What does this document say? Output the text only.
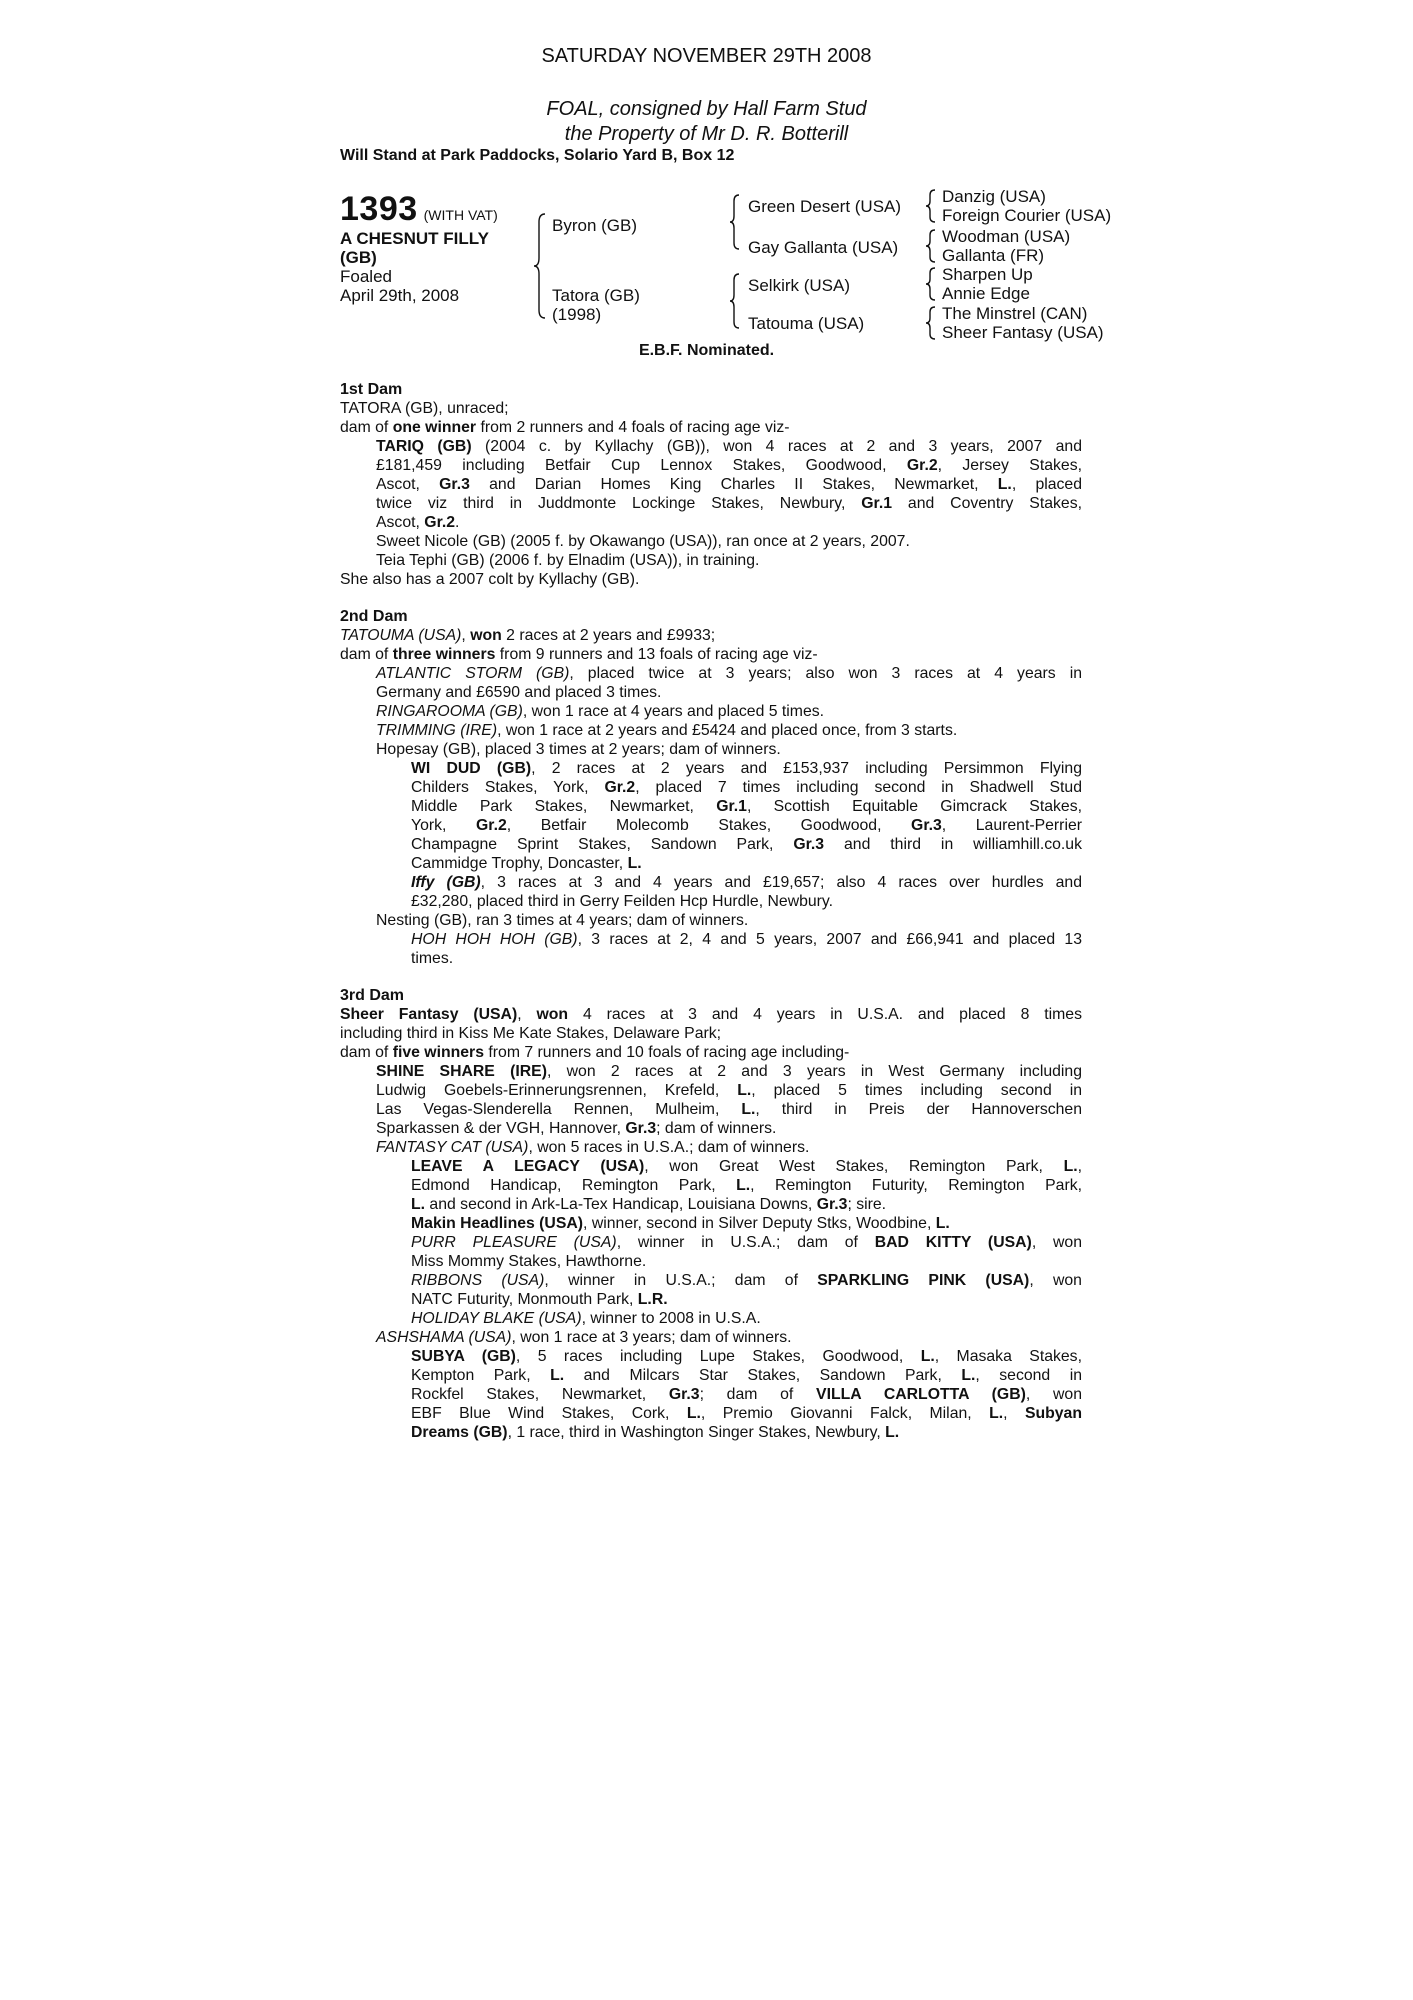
SATURDAY NOVEMBER 29TH 2008
FOAL, consigned by Hall Farm Stud
the Property of Mr D. R. Botterill
Will Stand at Park Paddocks, Solario Yard B, Box 12
1393 (WITH VAT)
A CHESNUT FILLY
(GB)
Foaled
April 29th, 2008
Byron (GB)
Tatora (GB)
(1998)
Green Desert (USA)
Gay Gallanta (USA)
Selkirk (USA)
Tatouma (USA)
Danzig (USA)
Foreign Courier (USA)
Woodman (USA)
Gallanta (FR)
Sharpen Up
Annie Edge
The Minstrel (CAN)
Sheer Fantasy (USA)
E.B.F. Nominated.
1st Dam
TATORA (GB), unraced;
dam of one winner from 2 runners and 4 foals of racing age viz-
TARIQ (GB) (2004 c. by Kyllachy (GB)), won 4 races at 2 and 3 years, 2007 and
£181,459 including Betfair Cup Lennox Stakes, Goodwood, Gr.2, Jersey Stakes,
Ascot, Gr.3 and Darian Homes King Charles II Stakes, Newmarket, L., placed
twice viz third in Juddmonte Lockinge Stakes, Newbury, Gr.1 and Coventry Stakes,
Ascot, Gr.2.
Sweet Nicole (GB) (2005 f. by Okawango (USA)), ran once at 2 years, 2007.
Teia Tephi (GB) (2006 f. by Elnadim (USA)), in training.
She also has a 2007 colt by Kyllachy (GB).
2nd Dam
TATOUMA (USA), won 2 races at 2 years and £9933;
dam of three winners from 9 runners and 13 foals of racing age viz-
ATLANTIC STORM (GB), placed twice at 3 years; also won 3 races at 4 years in
Germany and £6590 and placed 3 times.
RINGAROOMA (GB), won 1 race at 4 years and placed 5 times.
TRIMMING (IRE), won 1 race at 2 years and £5424 and placed once, from 3 starts.
Hopesay (GB), placed 3 times at 2 years; dam of winners.
WI DUD (GB), 2 races at 2 years and £153,937 including Persimmon Flying
Childers Stakes, York, Gr.2, placed 7 times including second in Shadwell Stud
Middle Park Stakes, Newmarket, Gr.1, Scottish Equitable Gimcrack Stakes,
York, Gr.2, Betfair Molecomb Stakes, Goodwood, Gr.3, Laurent-Perrier
Champagne Sprint Stakes, Sandown Park, Gr.3 and third in williamhill.co.uk
Cammidge Trophy, Doncaster, L.
Iffy (GB), 3 races at 3 and 4 years and £19,657; also 4 races over hurdles and
£32,280, placed third in Gerry Feilden Hcp Hurdle, Newbury.
Nesting (GB), ran 3 times at 4 years; dam of winners.
HOH HOH HOH (GB), 3 races at 2, 4 and 5 years, 2007 and £66,941 and placed 13
times.
3rd Dam
Sheer Fantasy (USA), won 4 races at 3 and 4 years in U.S.A. and placed 8 times
including third in Kiss Me Kate Stakes, Delaware Park;
dam of five winners from 7 runners and 10 foals of racing age including-
SHINE SHARE (IRE), won 2 races at 2 and 3 years in West Germany including
Ludwig Goebels-Erinnerungsrennen, Krefeld, L., placed 5 times including second in
Las Vegas-Slenderella Rennen, Mulheim, L., third in Preis der Hannoverschen
Sparkassen & der VGH, Hannover, Gr.3; dam of winners.
FANTASY CAT (USA), won 5 races in U.S.A.; dam of winners.
LEAVE A LEGACY (USA), won Great West Stakes, Remington Park, L.,
Edmond Handicap, Remington Park, L., Remington Futurity, Remington Park,
L. and second in Ark-La-Tex Handicap, Louisiana Downs, Gr.3; sire.
Makin Headlines (USA), winner, second in Silver Deputy Stks, Woodbine, L.
PURR PLEASURE (USA), winner in U.S.A.; dam of BAD KITTY (USA), won
Miss Mommy Stakes, Hawthorne.
RIBBONS (USA), winner in U.S.A.; dam of SPARKLING PINK (USA), won
NATC Futurity, Monmouth Park, L.R.
HOLIDAY BLAKE (USA), winner to 2008 in U.S.A.
ASHSHAMA (USA), won 1 race at 3 years; dam of winners.
SUBYA (GB), 5 races including Lupe Stakes, Goodwood, L., Masaka Stakes,
Kempton Park, L. and Milcars Star Stakes, Sandown Park, L., second in
Rockfel Stakes, Newmarket, Gr.3; dam of VILLA CARLOTTA (GB), won
EBF Blue Wind Stakes, Cork, L., Premio Giovanni Falck, Milan, L., Subyan
Dreams (GB), 1 race, third in Washington Singer Stakes, Newbury, L.
